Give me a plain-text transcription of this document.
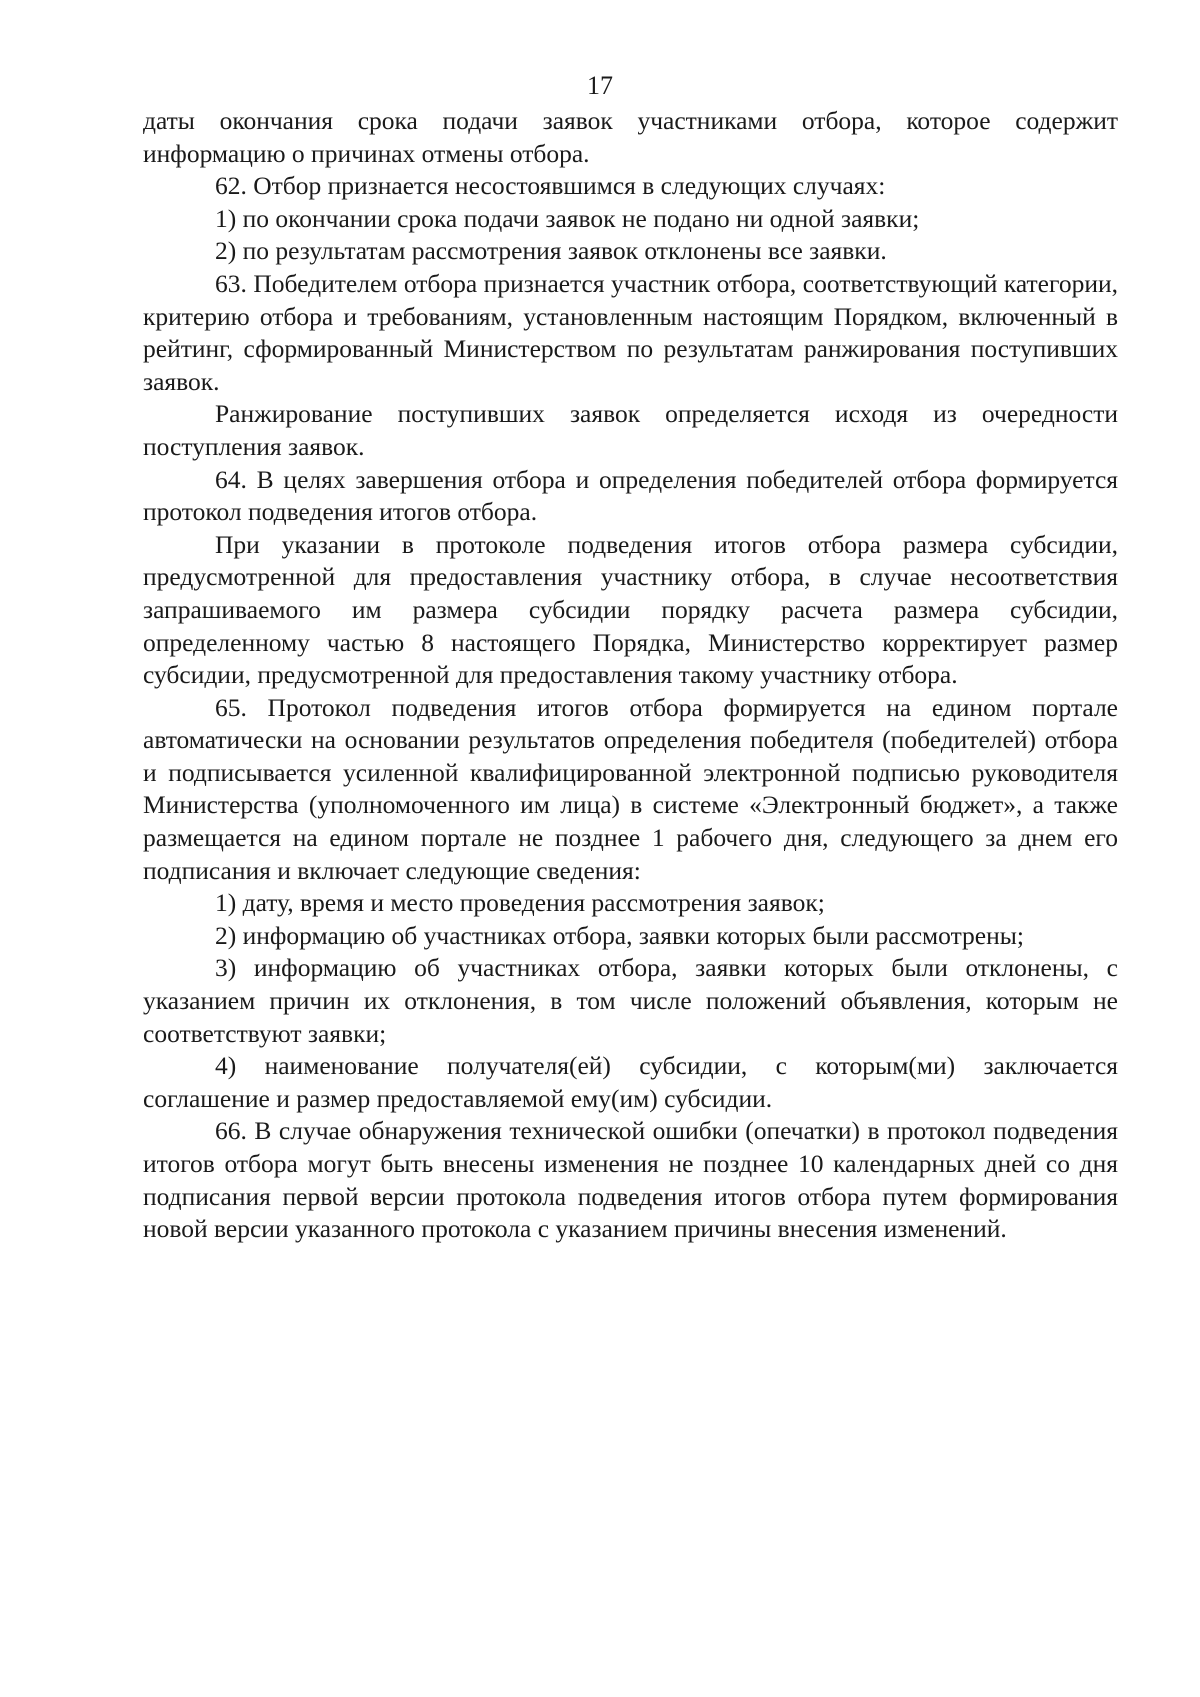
17

даты окончания срока подачи заявок участниками отбора, которое содержит информацию о причинах отмены отбора.

62. Отбор признается несостоявшимся в следующих случаях:

1) по окончании срока подачи заявок не подано ни одной заявки;

2) по результатам рассмотрения заявок отклонены все заявки.

63. Победителем отбора признается участник отбора, соответствующий категории, критерию отбора и требованиям, установленным настоящим Порядком, включенный в рейтинг, сформированный Министерством по результатам ранжирования поступивших заявок.

Ранжирование поступивших заявок определяется исходя из очередности поступления заявок.

64. В целях завершения отбора и определения победителей отбора формируется протокол подведения итогов отбора.

При указании в протоколе подведения итогов отбора размера субсидии, предусмотренной для предоставления участнику отбора, в случае несоответствия запрашиваемого им размера субсидии порядку расчета размера субсидии, определенному частью 8 настоящего Порядка, Министерство корректирует размер субсидии, предусмотренной для предоставления такому участнику отбора.

65. Протокол подведения итогов отбора формируется на едином портале автоматически на основании результатов определения победителя (победителей) отбора и подписывается усиленной квалифицированной электронной подписью руководителя Министерства (уполномоченного им лица) в системе «Электронный бюджет», а также размещается на едином портале не позднее 1 рабочего дня, следующего за днем его подписания и включает следующие сведения:

1) дату, время и место проведения рассмотрения заявок;

2) информацию об участниках отбора, заявки которых были рассмотрены;

3) информацию об участниках отбора, заявки которых были отклонены, с указанием причин их отклонения, в том числе положений объявления, которым не соответствуют заявки;

4) наименование получателя(ей) субсидии, с которым(ми) заключается соглашение и размер предоставляемой ему(им) субсидии.

66. В случае обнаружения технической ошибки (опечатки) в протокол подведения итогов отбора могут быть внесены изменения не позднее 10 календарных дней со дня подписания первой версии протокола подведения итогов отбора путем формирования новой версии указанного протокола с указанием причины внесения изменений.
